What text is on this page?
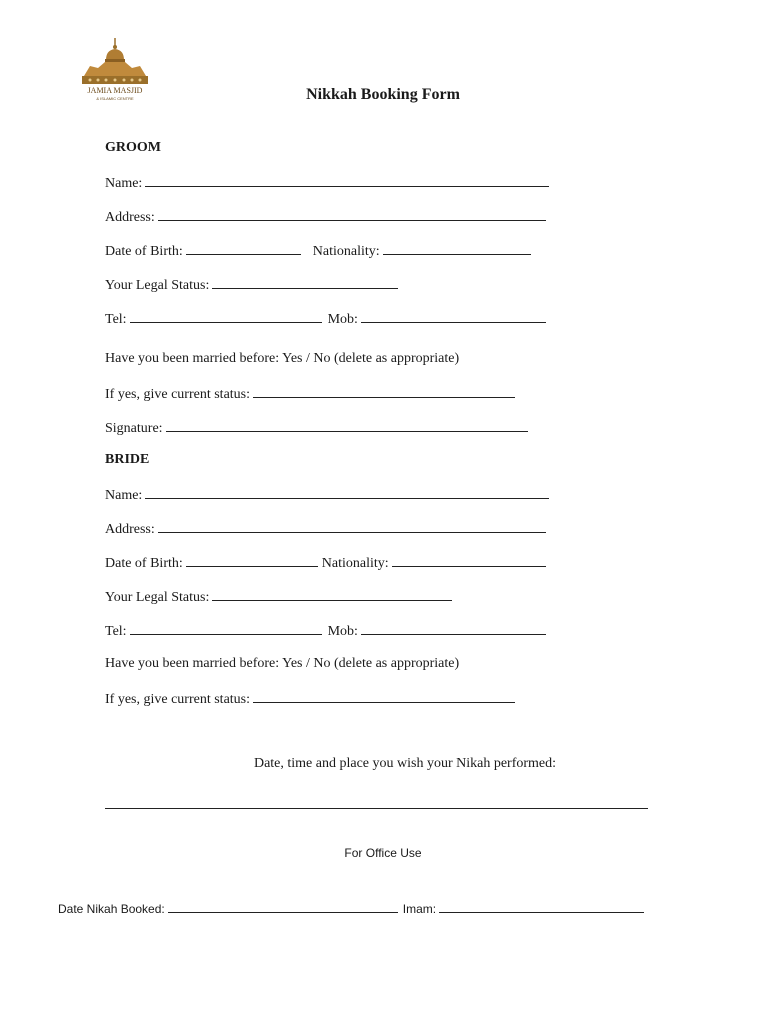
JAMIA MASJID
& ISLAMIC CENTRE	Nikkah Booking Form
GROOM
Name:
Address:
Date of Birth:	Nationality:
Your Legal Status:
Tel:	Mob:
Have you been married before: Yes / No (delete as appropriate)
If yes, give current status:
Signature:
BRIDE
Name:
Address:
Date of Birth:	Nationality:
Your Legal Status:
Tel:	Mob:
Have you been married before: Yes / No (delete as appropriate)
If yes, give current status:
Date, time and place you wish your Nikah performed:
For Office Use
Date Nikah Booked:	Imam:
